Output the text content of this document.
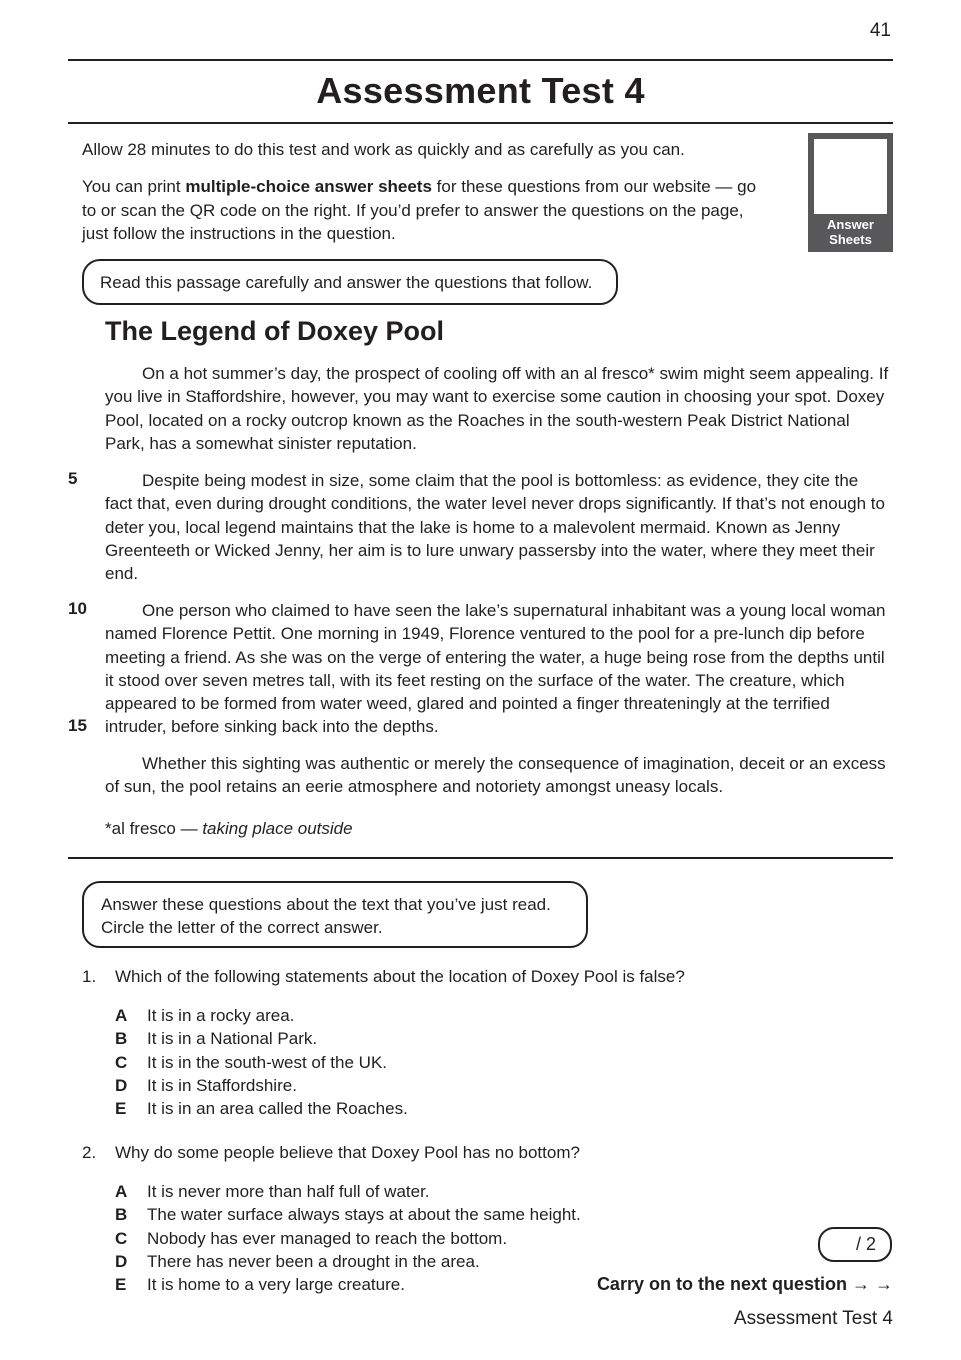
41
Assessment Test 4
Allow 28 minutes to do this test and work as quickly and as carefully as you can.
You can print multiple-choice answer sheets for these questions from our website — go to or scan the QR code on the right. If you’d prefer to answer the questions on the page, just follow the instructions in the question.	Answer
Sheets
Read this passage carefully and answer the questions that follow.
The Legend of Doxey Pool
On a hot summer’s day, the prospect of cooling off with an al fresco* swim might seem appealing. If you live in Staffordshire, however, you may want to exercise some caution in choosing your spot. Doxey Pool, located on a rocky outcrop known as the Roaches in the south-western Peak District National Park, has a somewhat sinister reputation.
5	Despite being modest in size, some claim that the pool is bottomless: as evidence, they cite the fact that, even during drought conditions, the water level never drops significantly. If that’s not enough to deter you, local legend maintains that the lake is home to a malevolent mermaid. Known as Jenny Greenteeth or Wicked Jenny, her aim is to lure unwary passersby into the water, where they meet their end.
10	One person who claimed to have seen the lake’s supernatural inhabitant was a young local woman named Florence Pettit. One morning in 1949, Florence ventured to the pool for a pre-lunch dip before meeting a friend. As she was on the verge of entering the water, a huge being rose from the depths until it stood over seven metres tall, with its feet resting on the surface of the water. The creature, which appeared to be formed from water weed, glared and pointed a finger threateningly at the terrified intruder, before sinking back into the depths.
15
Whether this sighting was authentic or merely the consequence of imagination, deceit or an excess of sun, the pool retains an eerie atmosphere and notoriety amongst uneasy locals.
*al fresco — taking place outside
Answer these questions about the text that you’ve just read.
Circle the letter of the correct answer.
1. Which of the following statements about the location of Doxey Pool is false?
A It is in a rocky area.
B It is in a National Park.
C It is in the south-west of the UK.
D It is in Staffordshire.
E It is in an area called the Roaches.
2. Why do some people believe that Doxey Pool has no bottom?
A It is never more than half full of water.
B The water surface always stays at about the same height.
C Nobody has ever managed to reach the bottom.
D There has never been a drought in the area.
E It is home to a very large creature.
/ 2
Carry on to the next question → →
Assessment Test 4
